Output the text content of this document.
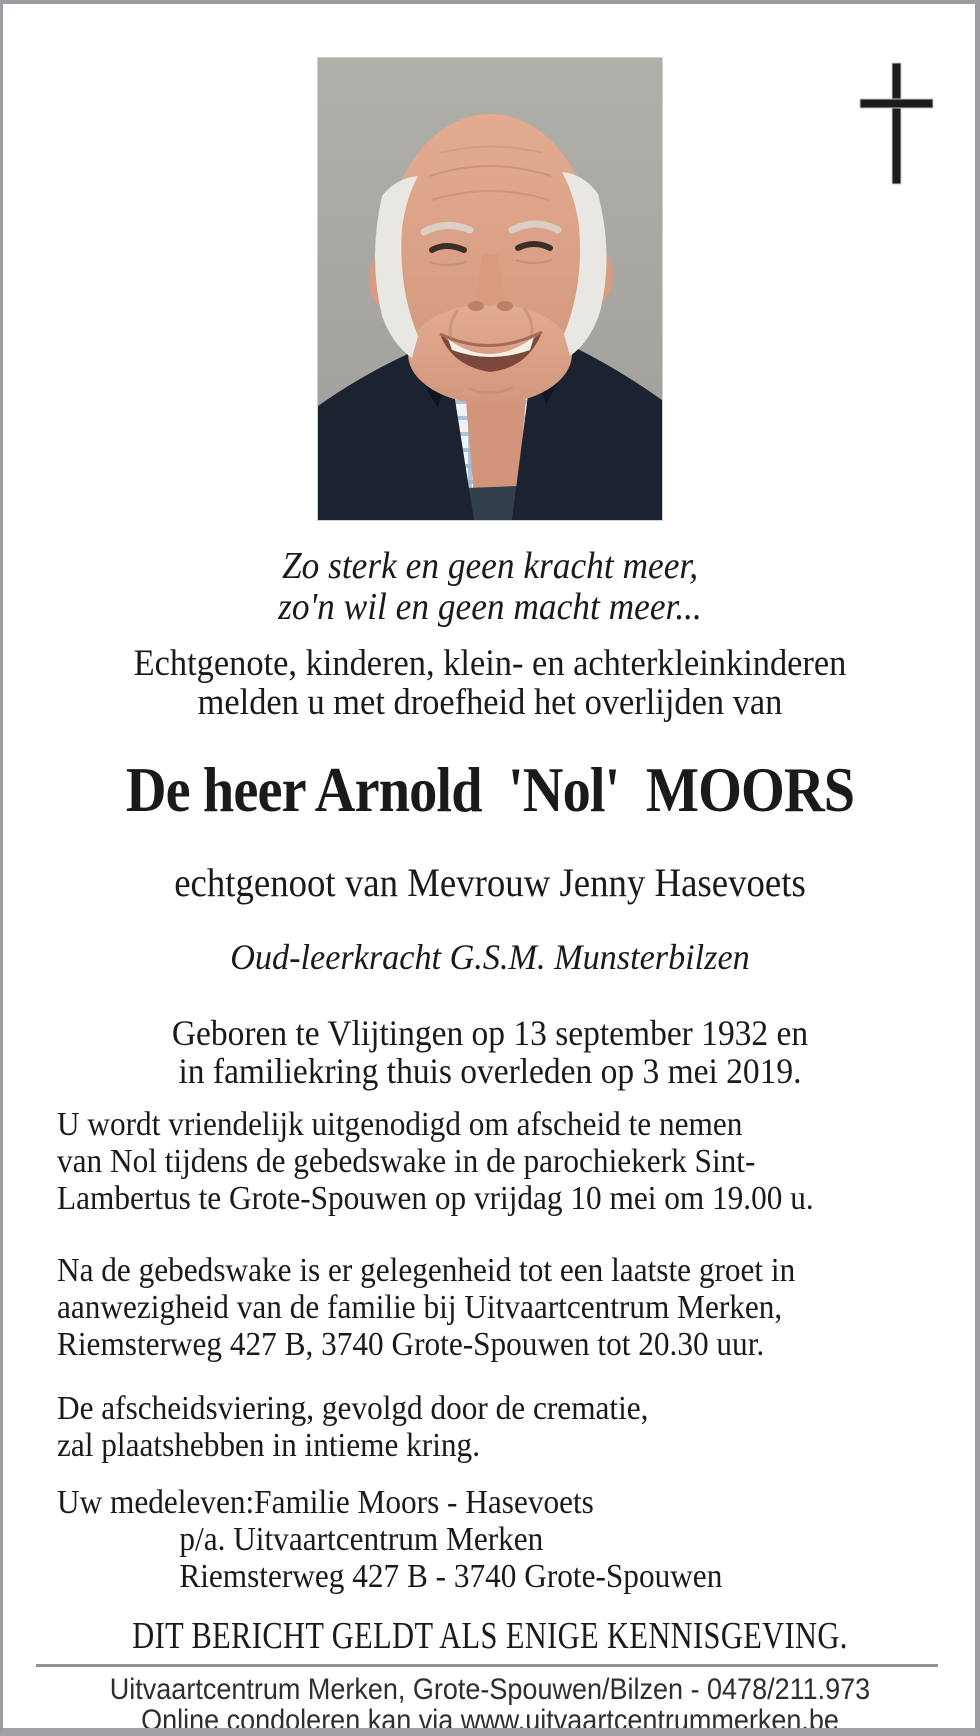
Zo sterk en geen kracht meer,
zo'n wil en geen macht meer...
Echtgenote, kinderen, klein- en achterkleinkinderen
melden u met droefheid het overlijden van
De heer Arnold  'Nol'  MOORS
echtgenoot van Mevrouw Jenny Hasevoets
Oud-leerkracht G.S.M. Munsterbilzen
Geboren te Vlijtingen op 13 september 1932 en
in familiekring thuis overleden op 3 mei 2019.
U wordt vriendelijk uitgenodigd om afscheid te nemen
van Nol tijdens de gebedswake in de parochiekerk Sint-
Lambertus te Grote-Spouwen op vrijdag 10 mei om 19.00 u.
Na de gebedswake is er gelegenheid tot een laatste groet in
aanwezigheid van de familie bij Uitvaartcentrum Merken,
Riemsterweg 427 B, 3740 Grote-Spouwen tot 20.30 uur.
De afscheidsviering, gevolgd door de crematie,
zal plaatshebben in intieme kring.
Uw medeleven:Familie Moors - Hasevoets
p/a. Uitvaartcentrum Merken
Riemsterweg 427 B - 3740 Grote-Spouwen
DIT BERICHT GELDT ALS ENIGE KENNISGEVING.
Uitvaartcentrum Merken, Grote-Spouwen/Bilzen - 0478/211.973
Online condoleren kan via www.uitvaartcentrummerken.be
